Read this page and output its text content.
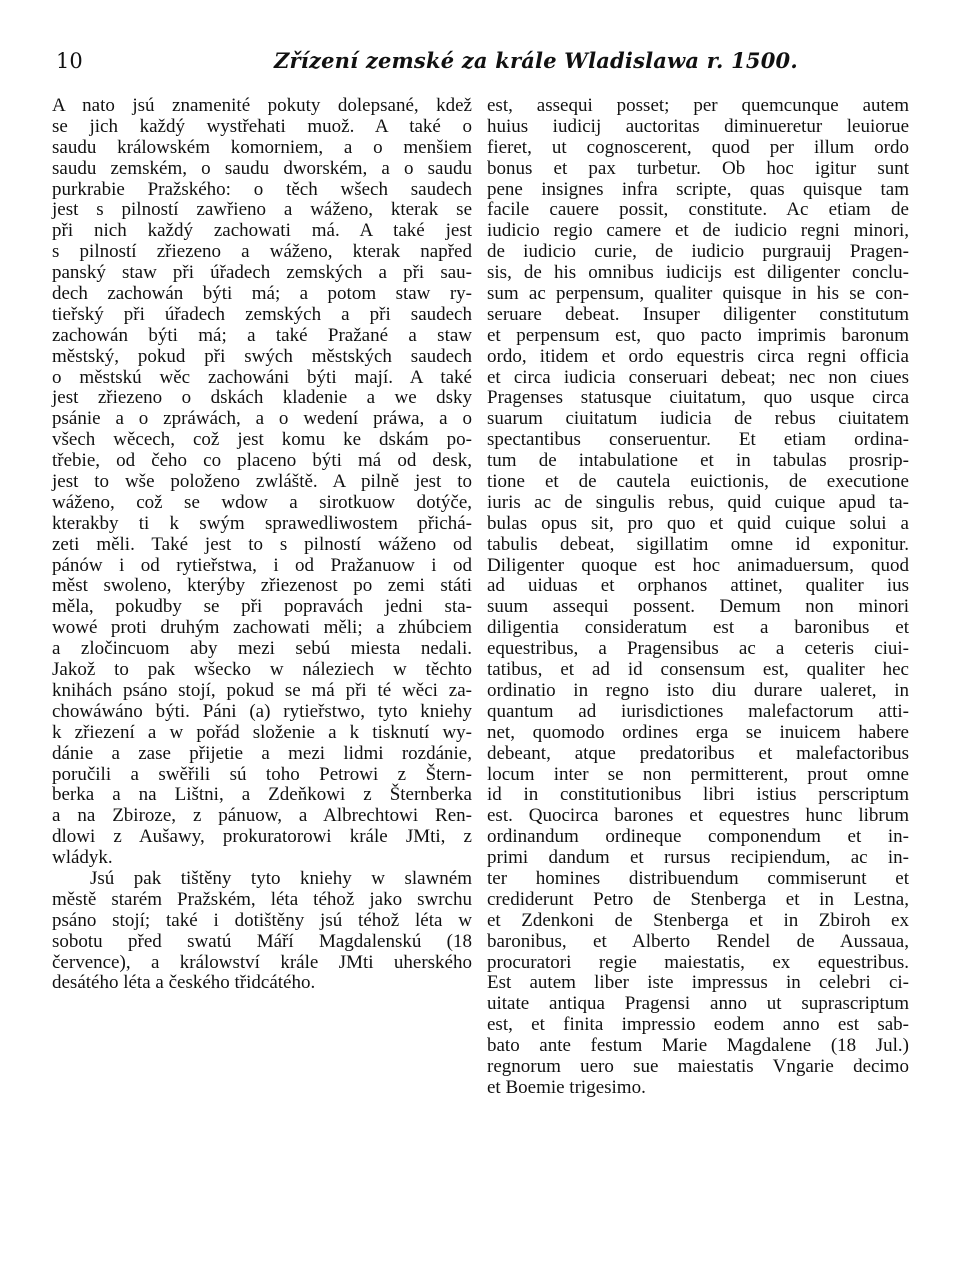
10	Zřízení zemské za krále Wladislawa r. 1500.
A nato jsú znamenité pokuty dolepsané, kdež
se jich každý wystřehati muož. A také o
saudu králowském komorniem, a o menšiem
saudu zemském, o saudu dworském, a o saudu
purkrabie Pražského: o těch wšech saudech
jest s pilností zawřieno a wáženo, kterak se
při nich každý zachowati má. A také jest
s pilností zřiezeno a wáženo, kterak napřed
panský staw při úřadech zemských a při sau-
dech zachowán býti má; a potom staw ry-
tieřský při úřadech zemských a při saudech
zachowán býti má; a také Pražané a staw
městský, pokud při swých městských saudech
o městskú wěc zachowáni býti mají. A také
jest zřiezeno o dskách kladenie a we dsky
psánie a o zpráwách, a o wedení práwa, a o
všech wěcech, což jest komu ke dskám po-
třebie, od čeho co placeno býti má od desk,
jest to wše položeno zwláště. A pilně jest to
wáženo, což se wdow a sirotkuow dotýče,
kterakby ti k swým sprawedliwostem přichá-
zeti měli. Také jest to s pilností wáženo od
pánów i od rytieřstwa, i od Pražanuow i od
měst swoleno, kterýby zřiezenost po zemi státi
měla, pokudby se při popravách jedni sta-
wowé proti druhým zachowati měli; a zhúbciem
a zločincuom aby mezi sebú miesta nedali.
Jakož to pak wšecko w náleziech w těchto
knihách psáno stojí, pokud se má při té wěci za-
chowáwáno býti. Páni (a) rytieřstwo, tyto kniehy
k zřiezení a w pořád složenie a k tisknutí wy-
dánie a zase přijetie a mezi lidmi rozdánie,
poručili a swěřili sú toho Petrowi z Štern-
berka a na Lištni, a Zdeňkowi z Šternberka
a na Zbiroze, z pánuow, a Albrechtowi Ren-
dlowi z Aušawy, prokuratorowi krále JMti, z
wládyk.
Jsú pak tištěny tyto kniehy w slawném
městě starém Pražském, léta téhož jako swrchu
psáno stojí; také i dotištěny jsú téhož léta w
sobotu před swatú Máří Magdalenskú (18
července), a králowství krále JMti uherského
desátého léta a českého třidcátého.
est, assequi posset; per quemcunque autem
huius iudicij auctoritas diminueretur leuiorue
fieret, ut cognoscerent, quod per illum ordo
bonus et pax turbetur. Ob hoc igitur sunt
pene insignes infra scripte, quas quisque tam
facile cauere possit, constitute. Ac etiam de
iudicio regio camere et de iudicio regni minori,
de iudicio curie, de iudicio purgrauij Pragen-
sis, de his omnibus iudicijs est diligenter conclu-
sum ac perpensum, qualiter quisque in his se con-
seruare debeat. Insuper diligenter constitutum
et perpensum est, quo pacto imprimis baronum
ordo, itidem et ordo equestris circa regni officia
et circa iudicia conseruari debeat; nec non ciues
Pragenses statusque ciuitatum, quo usque circa
suarum ciuitatum iudicia de rebus ciuitatem
spectantibus conseruentur. Et etiam ordina-
tum de intabulatione et in tabulas prosrip-
tione et de cautela euictionis, de executione
iuris ac de singulis rebus, quid cuique apud ta-
bulas opus sit, pro quo et quid cuique solui a
tabulis debeat, sigillatim omne id exponitur.
Diligenter quoque est hoc animaduersum, quod
ad uiduas et orphanos attinet, qualiter ius
suum assequi possent. Demum non minori
diligentia consideratum est a baronibus et
equestribus, a Pragensibus ac a ceteris ciui-
tatibus, et ad id consensum est, qualiter hec
ordinatio in regno isto diu durare ualeret, in
quantum ad iurisdictiones malefactorum atti-
net, quomodo ordines erga se inuicem habere
debeant, atque predatoribus et malefactoribus
locum inter se non permitterent, prout omne
id in constitutionibus libri istius perscriptum
est. Quocirca barones et equestres hunc librum
ordinandum ordineque componendum et in-
primi dandum et rursus recipiendum, ac in-
ter homines distribuendum commiserunt et
crediderunt Petro de Stenberga et in Lestna,
et Zdenkoni de Stenberga et in Zbiroh ex
baronibus, et Alberto Rendel de Aussaua,
procuratori regie maiestatis, ex equestribus.
Est autem liber iste impressus in celebri ci-
uitate antiqua Pragensi anno ut suprascriptum
est, et finita impressio eodem anno est sab-
bato ante festum Marie Magdalene (18 Jul.)
regnorum uero sue maiestatis Vngarie decimo
et Boemie trigesimo.
